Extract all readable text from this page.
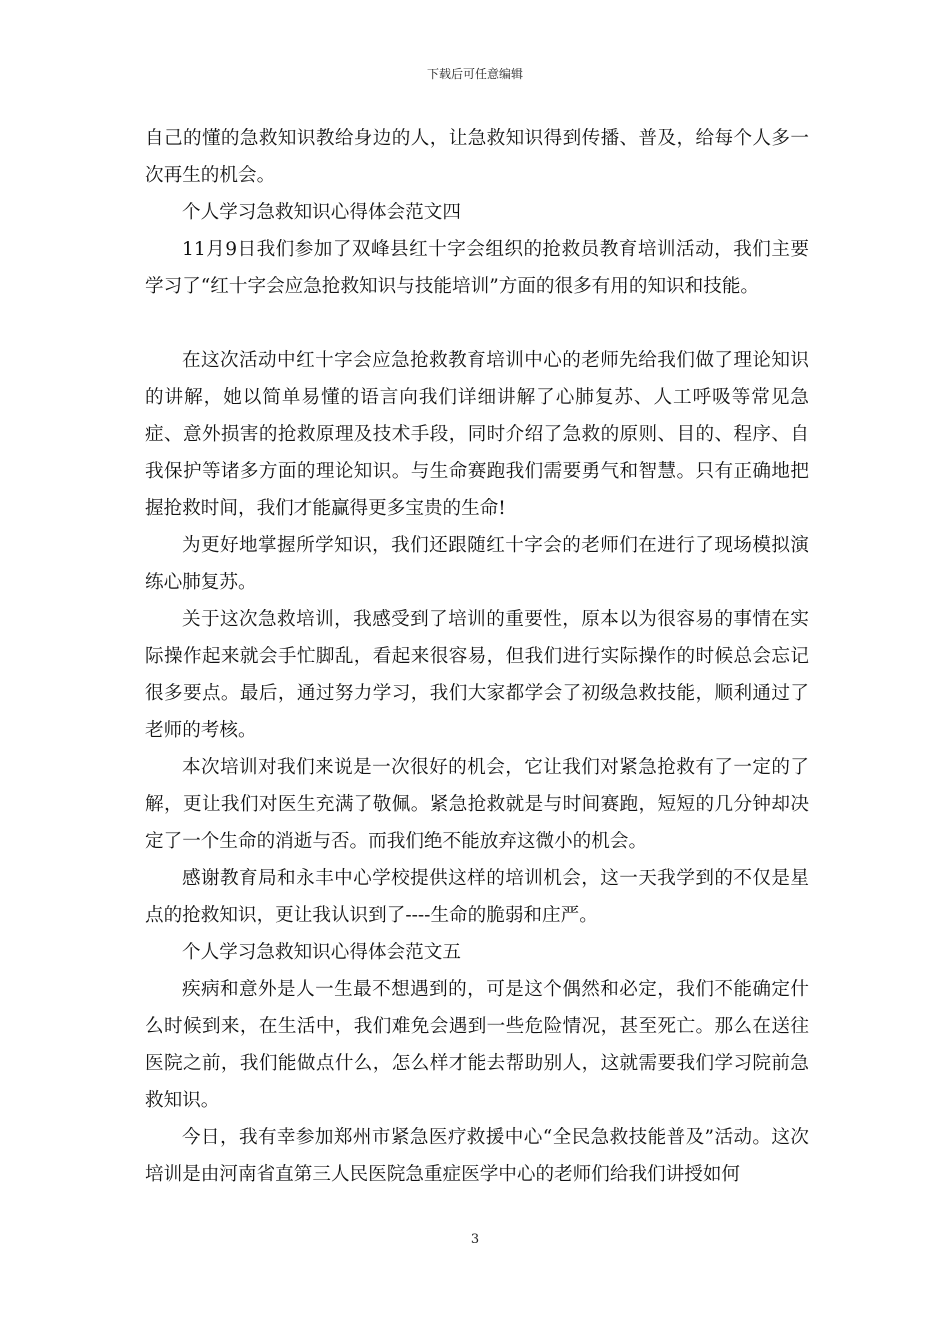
下载后可任意编辑

自己的懂的急救知识教给身边的人，让急救知识得到传播、普及，给每个人多一次再生的机会。

个人学习急救知识心得体会范文四

11月9日我们参加了双峰县红十字会组织的抢救员教育培训活动，我们主要学习了“红十字会应急抢救知识与技能培训”方面的很多有用的知识和技能。

在这次活动中红十字会应急抢救教育培训中心的老师先给我们做了理论知识的讲解，她以简单易懂的语言向我们详细讲解了心肺复苏、人工呼吸等常见急症、意外损害的抢救原理及技术手段，同时介绍了急救的原则、目的、程序、自我保护等诸多方面的理论知识。与生命赛跑我们需要勇气和智慧。只有正确地把握抢救时间，我们才能赢得更多宝贵的生命!

为更好地掌握所学知识，我们还跟随红十字会的老师们在进行了现场模拟演练心肺复苏。

关于这次急救培训，我感受到了培训的重要性，原本以为很容易的事情在实际操作起来就会手忙脚乱，看起来很容易，但我们进行实际操作的时候总会忘记很多要点。最后，通过努力学习，我们大家都学会了初级急救技能，顺利通过了老师的考核。

本次培训对我们来说是一次很好的机会，它让我们对紧急抢救有了一定的了解，更让我们对医生充满了敬佩。紧急抢救就是与时间赛跑，短短的几分钟却决定了一个生命的消逝与否。而我们绝不能放弃这微小的机会。

感谢教育局和永丰中心学校提供这样的培训机会，这一天我学到的不仅是星点的抢救知识，更让我认识到了----生命的脆弱和庄严。

个人学习急救知识心得体会范文五

疾病和意外是人一生最不想遇到的，可是这个偶然和必定，我们不能确定什么时候到来，在生活中，我们难免会遇到一些危险情况，甚至死亡。那么在送往医院之前，我们能做点什么，怎么样才能去帮助别人，这就需要我们学习院前急救知识。

今日，我有幸参加郑州市紧急医疗救援中心“全民急救技能普及”活动。这次培训是由河南省直第三人民医院急重症医学中心的老师们给我们讲授如何

3
